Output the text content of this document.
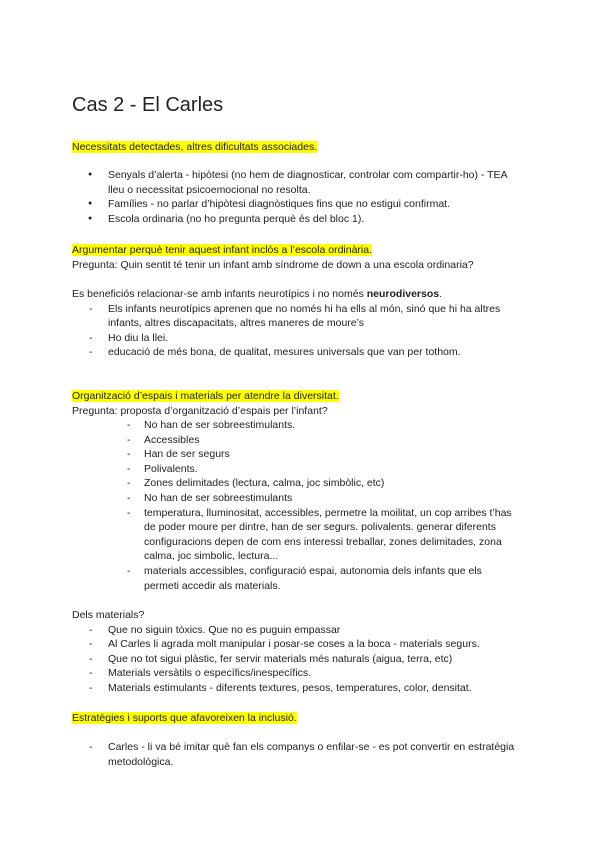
Cas 2 - El Carles
Necessitats detectades, altres dificultats associades.
● Senyals d’alerta - hipòtesi (no hem de diagnosticar, controlar com compartir-ho) - TEA lleu o necessitat psicoemocional no resolta.
● Famílies - no parlar d’hipòtesi diagnòstiques fins que no estigui confirmat.
● Escola ordinaria (no ho pregunta perquè és del bloc 1).
Argumentar perquè tenir aquest infant inclòs a l’escola ordinària.
Pregunta: Quin sentit té tenir un infant amb síndrome de down a una escola ordinaria?
Es beneficiós relacionar-se amb infants neurotípics i no només neurodiversos.
- Els infants neurotípics aprenen que no només hi ha ells al món, sinó que hi ha altres infants, altres discapacitats, altres maneres de moure’s
- Ho diu la llei.
- educació de més bona, de qualitat, mesures universals que van per tothom.
Organització d’espais i materials per atendre la diversitat.
Pregunta: proposta d’organització d’espais per l’infant?
- No han de ser sobreestimulants.
- Accessibles
- Han de ser segurs
- Polivalents.
- Zones delimitades (lectura, calma, joc simbòlic, etc)
- No han de ser sobreestimulants
- temperatura, lluminositat, accessibles, permetre la moilitat, un cop arribes t’has de poder moure per dintre, han de ser segurs. polivalents. generar diferents configuracions depen de com ens interessi treballar, zones delimitades, zona calma, joc simbolic, lectura...
- materials accessibles, configuració espai, autonomia dels infants que els permeti accedir als materials.
Dels materials?
- Que no siguin tòxics. Que no es puguin empassar
- Al Carles li agrada molt manipular i posar-se coses a la boca - materials segurs.
- Que no tot sigui plàstic, fer servir materials més naturals (aigua, terra, etc)
- Materials versàtils o específics/inespecífics.
- Materials estimulants - diferents textures, pesos, temperatures, color, densitat.
Estratègies i suports que afavoreixen la inclusió.
- Carles - li va bé imitar què fan els companys o enfilar-se - es pot convertir en estratègia metodològica.
